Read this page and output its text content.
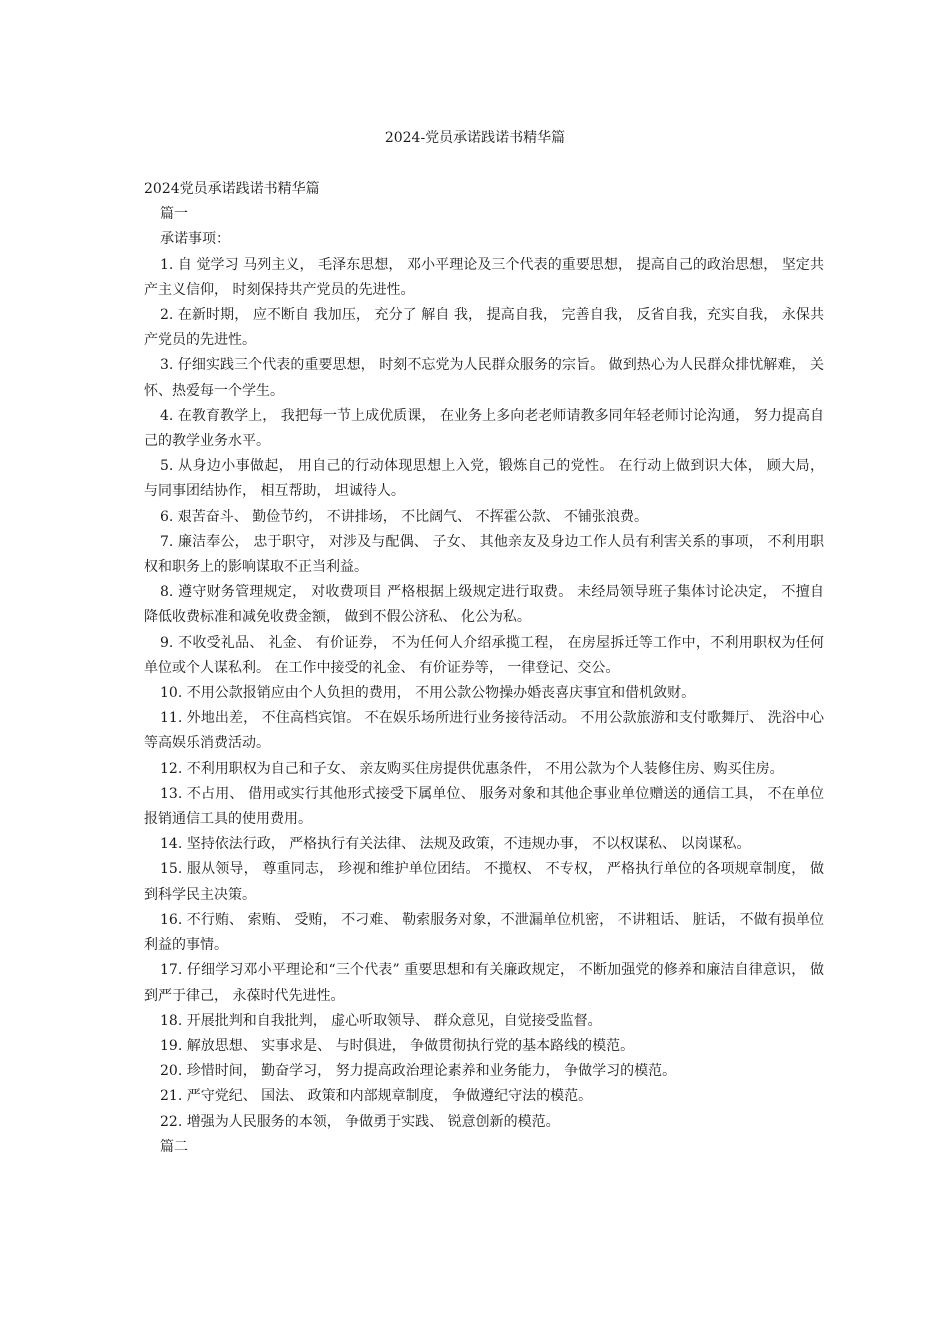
2024-党员承诺践诺书精华篇

2024党员承诺践诺书精华篇

篇一

承诺事项：

1. 自 觉学习 马列主义， 毛泽东思想， 邓小平理论及三个代表的重要思想， 提高自己的政治思想， 坚定共产主义信仰， 时刻保持共产党员的先进性。

2. 在新时期， 应不断自 我加压， 充分了 解自 我， 提高自我， 完善自我， 反省自我，充实自我， 永保共产党员的先进性。

3. 仔细实践三个代表的重要思想， 时刻不忘党为人民群众服务的宗旨。 做到热心为人民群众排忧解难， 关怀、热爱每一个学生。

4. 在教育教学上， 我把每一节上成优质课， 在业务上多向老老师请教多同年轻老师讨论沟通， 努力提高自己的教学业务水平。

5. 从身边小事做起， 用自己的行动体现思想上入党，锻炼自己的党性。 在行动上做到识大体， 顾大局， 与同事团结协作， 相互帮助， 坦诚待人。

6. 艰苦奋斗、 勤俭节约， 不讲排场， 不比阔气、 不挥霍公款、 不铺张浪费。

7. 廉洁奉公， 忠于职守， 对涉及与配偶、 子女、 其他亲友及身边工作人员有利害关系的事项， 不利用职权和职务上的影响谋取不正当利益。

8. 遵守财务管理规定， 对收费项目 严格根据上级规定进行取费。 未经局领导班子集体讨论决定， 不擅自降低收费标准和减免收费金额， 做到不假公济私、 化公为私。

9. 不收受礼品、 礼金、 有价证券， 不为任何人介绍承揽工程， 在房屋拆迁等工作中，不利用职权为任何单位或个人谋私利。 在工作中接受的礼金、 有价证券等， 一律登记、交公。

10. 不用公款报销应由个人负担的费用， 不用公款公物操办婚丧喜庆事宜和借机敛财。

11. 外地出差， 不住高档宾馆。 不在娱乐场所进行业务接待活动。 不用公款旅游和支付歌舞厅、 洗浴中心等高娱乐消费活动。

12. 不利用职权为自己和子女、 亲友购买住房提供优惠条件， 不用公款为个人装修住房、购买住房。

13. 不占用、 借用或实行其他形式接受下属单位、 服务对象和其他企事业单位赠送的通信工具， 不在单位报销通信工具的使用费用。

14. 坚持依法行政， 严格执行有关法律、 法规及政策，不违规办事， 不以权谋私、 以岗谋私。

15. 服从领导， 尊重同志， 珍视和维护单位团结。 不揽权、 不专权， 严格执行单位的各项规章制度， 做到科学民主决策。

16. 不行贿、 索贿、 受贿， 不刁难、 勒索服务对象，不泄漏单位机密， 不讲粗话、 脏话， 不做有损单位利益的事情。

17. 仔细学习邓小平理论和“三个代表” 重要思想和有关廉政规定， 不断加强党的修养和廉洁自律意识， 做到严于律己， 永葆时代先进性。

18. 开展批判和自我批判， 虚心听取领导、 群众意见，自觉接受监督。

19. 解放思想、 实事求是、 与时俱进， 争做贯彻执行党的基本路线的模范。

20. 珍惜时间， 勤奋学习， 努力提高政治理论素养和业务能力， 争做学习的模范。

21. 严守党纪、 国法、 政策和内部规章制度， 争做遵纪守法的模范。

22. 增强为人民服务的本领， 争做勇于实践、 锐意创新的模范。

篇二
